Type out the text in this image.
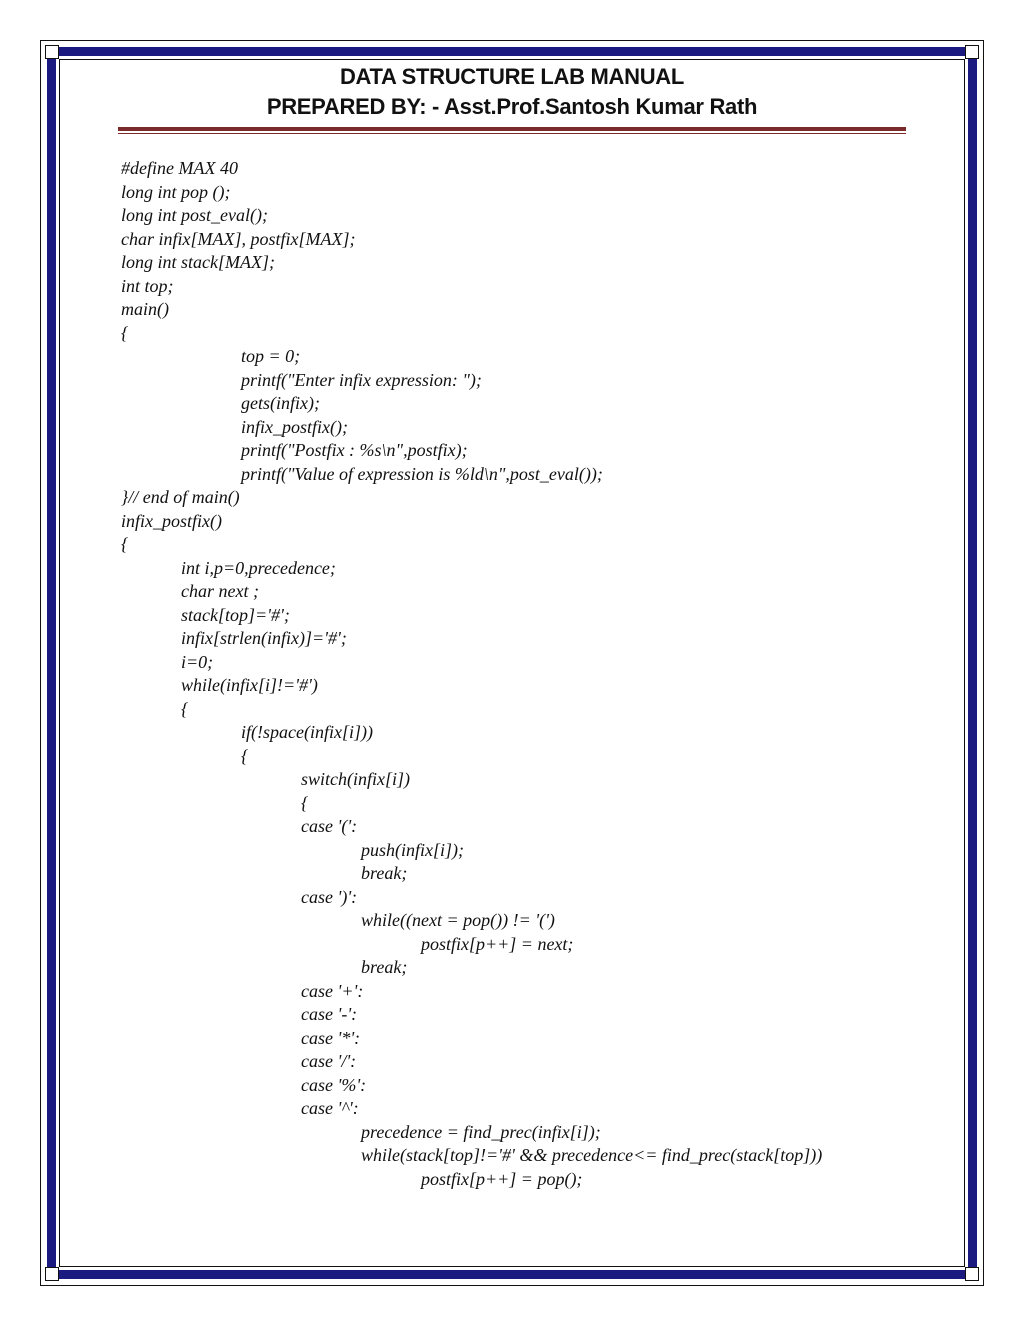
DATA STRUCTURE LAB MANUAL
PREPARED BY: - Asst.Prof.Santosh Kumar Rath
#define MAX 40
long int pop ();
long int post_eval();
char infix[MAX], postfix[MAX];
long int stack[MAX];
int top;
main()
{
top = 0;
printf("Enter infix expression: ");
gets(infix);
infix_postfix();
printf("Postfix : %s\n",postfix);
printf("Value of expression is %ld\n",post_eval());
}// end of main()
infix_postfix()
{
int i,p=0,precedence;
char next ;
stack[top]='#';
infix[strlen(infix)]='#';
i=0;
while(infix[i]!='#')
{
if(!space(infix[i]))
{
switch(infix[i])
{
case '(':
push(infix[i]);
break;
case ')':
while((next = pop()) != '(')
postfix[p++] = next;
break;
case '+':
case '-':
case '*':
case '/':
case '%':
case '^':
precedence = find_prec(infix[i]);
while(stack[top]!='#' && precedence<= find_prec(stack[top]))
postfix[p++] = pop();
